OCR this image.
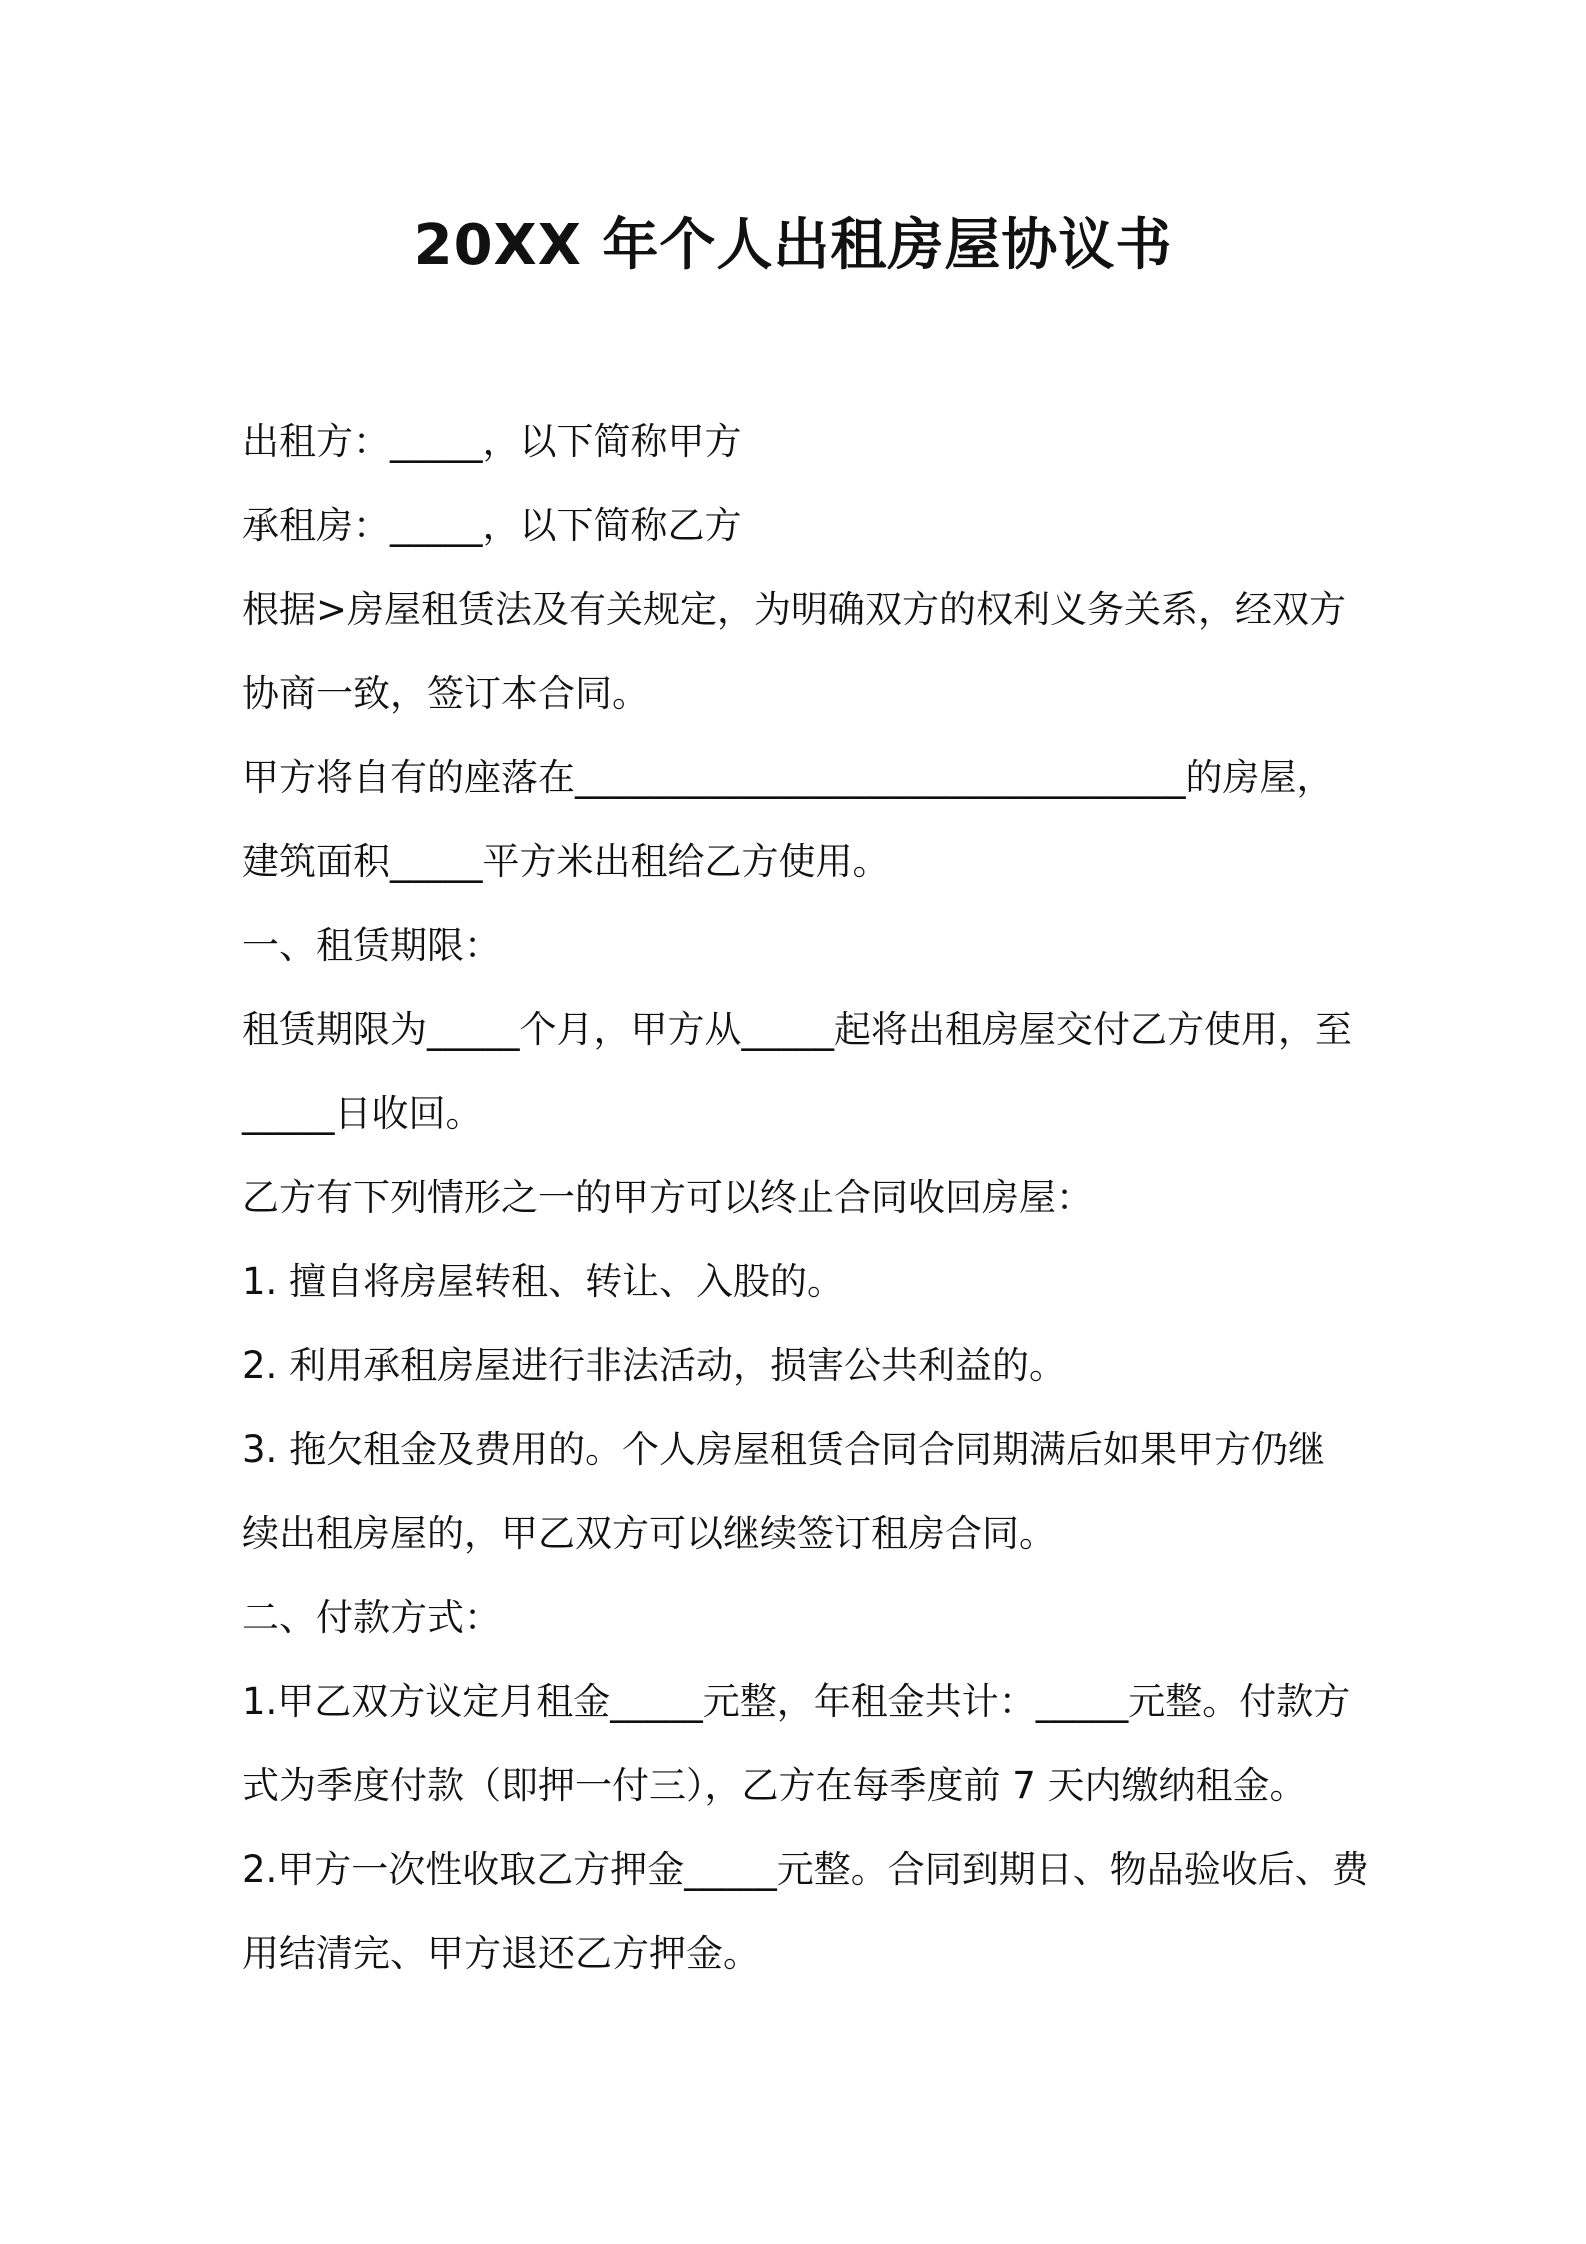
20XX 年个人出租房屋协议书

出租方：_____，以下简称甲方

承租房：_____，以下简称乙方

根据>房屋租赁法及有关规定，为明确双方的权利义务关系，经双方

协商一致，签订本合同。

甲方将自有的座落在_________________________________的房屋，

建筑面积_____平方米出租给乙方使用。

一、租赁期限：

租赁期限为_____个月，甲方从_____起将出租房屋交付乙方使用，至

_____日收回。

乙方有下列情形之一的甲方可以终止合同收回房屋：

1. 擅自将房屋转租、转让、入股的。

2. 利用承租房屋进行非法活动，损害公共利益的。

3. 拖欠租金及费用的。个人房屋租赁合同合同期满后如果甲方仍继

续出租房屋的，甲乙双方可以继续签订租房合同。

二、付款方式：

1.甲乙双方议定月租金_____元整，年租金共计：_____元整。付款方

式为季度付款（即押一付三），乙方在每季度前 7 天内缴纳租金。

2.甲方一次性收取乙方押金_____元整。合同到期日、物品验收后、费

用结清完、甲方退还乙方押金。
